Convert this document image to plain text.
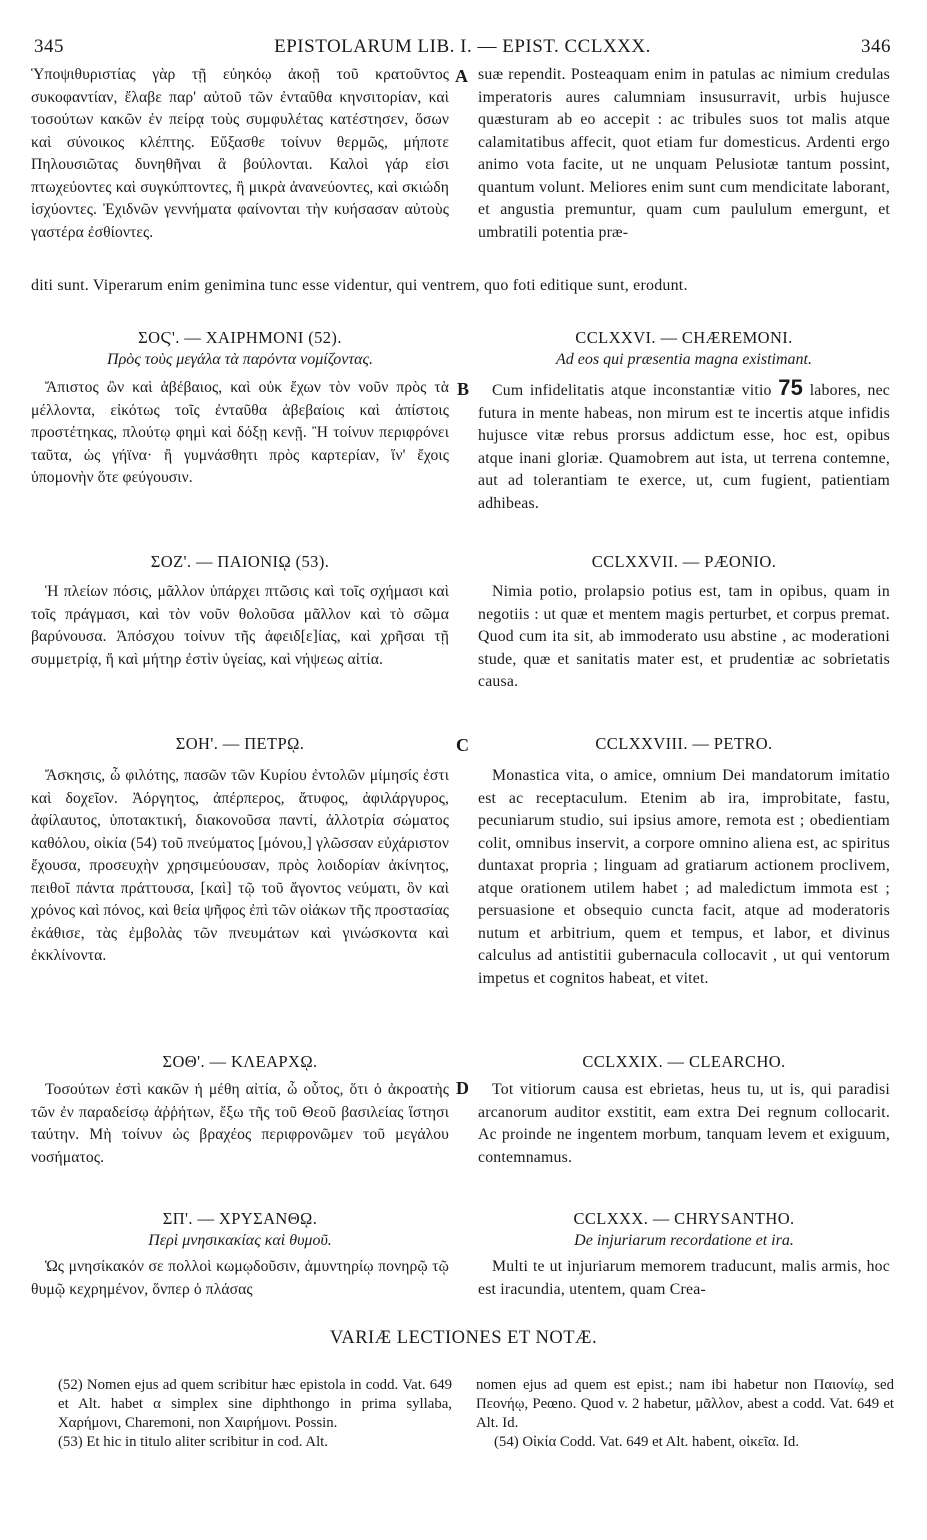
345	EPISTOLARUM LIB. I. — EPIST. CCLXXX.	346
A
B
C
D

Ὑποψιθυριστίας γὰρ τῇ εὐηκόῳ ἀκοῇ τοῦ κρατοῦντος συκοφαντίαν, ἔλαβε παρ' αὐτοῦ τῶν ἐνταῦθα κηνσιτορίαν, καὶ τοσούτων κακῶν ἐν πείρᾳ τοὺς συμφυλέτας κατέστησεν, ὅσων καὶ σύνοικος κλέπτης. Εὔξασθε τοίνυν θερμῶς, μήποτε Πηλουσιῶτας δυνηθῆναι ἃ βούλονται. Καλοὶ γάρ εἰσι πτωχεύοντες καὶ συγκύπτοντες, ἢ μικρὰ ἀνανεύοντες, καὶ σκιώδη ἰσχύοντες. Ἐχιδνῶν γεννήματα φαίνονται τὴν κυήσασαν αὐτοὺς γαστέρα ἐσθίοντες.

suæ rependit. Posteaquam enim in patulas ac nimium credulas imperatoris aures calumniam insusurravit, urbis hujusce quæsturam ab eo accepit : ac tribules suos tot malis atque calamitatibus affecit, quot etiam fur domesticus. Ardenti ergo animo vota facite, ut ne unquam Pelusiotæ tantum possint, quantum volunt. Meliores enim sunt cum mendicitate laborant, et angustia premuntur, quam cum paululum emergunt, et umbratili potentia præ-

diti sunt. Viperarum enim genimina tunc esse videntur, qui ventrem, quo foti editique sunt, erodunt.

ΣΟϚ'. — ΧΑΙΡΗΜΟΝΙ (52).

Πρὸς τοὺς μεγάλα τὰ παρόντα νομίζοντας.

Ἄπιστος ὢν καὶ ἀβέβαιος, καὶ οὐκ ἔχων τὸν νοῦν πρὸς τὰ μέλλοντα, εἰκότως τοῖς ἐνταῦθα ἀβεβαίοις καὶ ἀπίστοις προστέτηκας, πλούτῳ φημὶ καὶ δόξῃ κενῇ. Ἢ τοίνυν περιφρόνει ταῦτα, ὡς γήϊνα· ἢ γυμνάσθητι πρὸς καρτερίαν, ἵν' ἔχοις ὑπομονὴν ὅτε φεύγουσιν.

CCLXXVI. — CHÆREMONI.

Ad eos qui præsentia magna existimant.

Cum infidelitatis atque inconstantiæ vitio 75 labores, nec futura in mente habeas, non mirum est te incertis atque infidis hujusce vitæ rebus prorsus addictum esse, hoc est, opibus atque inani gloriæ. Quamobrem aut ista, ut terrena contemne, aut ad tolerantiam te exerce, ut, cum fugient, patientiam adhibeas.

ΣΟΖ'. — ΠΑΙΟΝΙῼ (53).

Ἡ πλείων πόσις, μᾶλλον ὑπάρχει πτῶσις καὶ τοῖς σχήμασι καὶ τοῖς πράγμασι, καὶ τὸν νοῦν θολοῦσα μᾶλλον καὶ τὸ σῶμα βαρύνουσα. Ἀπόσχου τοίνυν τῆς ἀφειδ[ε]ίας, καὶ χρῆσαι τῇ συμμετρίᾳ, ἥ καὶ μήτηρ ἐστὶν ὑγείας, καὶ νήψεως αἰτία.

CCLXXVII. — PÆONIO.

Nimia potio, prolapsio potius est, tam in opibus, quam in negotiis : ut quæ et mentem magis perturbet, et corpus premat. Quod cum ita sit, ab immoderato usu abstine , ac moderationi stude, quæ et sanitatis mater est, et prudentiæ ac sobrietatis causa.

ΣΟΗ'. — ΠΕΤΡῼ.

Ἄσκησις, ὦ φιλότης, πασῶν τῶν Κυρίου ἐντολῶν μίμησίς ἐστι καὶ δοχεῖον. Ἀόργητος, ἀπέρπερος, ἄτυφος, ἀφιλάργυρος, ἀφίλαυτος, ὑποτακτική, διακονοῦσα παντί, ἀλλοτρία σώματος καθόλου, οἰκία (54) τοῦ πνεύματος [μόνου,] γλῶσσαν εὐχάριστον ἔχουσα, προσευχὴν χρησιμεύουσαν, πρὸς λοιδορίαν ἀκίνητος, πειθοῖ πάντα πράττουσα, [καὶ] τῷ τοῦ ἄγοντος νεύματι, ὃν καὶ χρόνος καὶ πόνος, καὶ θεία ψῆφος ἐπὶ τῶν οἰάκων τῆς προστασίας ἐκάθισε, τὰς ἐμβολὰς τῶν πνευμάτων καὶ γινώσκοντα καὶ ἐκκλίνοντα.

CCLXXVIII. — PETRO.

Monastica vita, o amice, omnium Dei mandatorum imitatio est ac receptaculum. Etenim ab ira, improbitate, fastu, pecuniarum studio, sui ipsius amore, remota est ; obedientiam colit, omnibus inservit, a corpore omnino aliena est, ac spiritus duntaxat propria ; linguam ad gratiarum actionem proclivem, atque orationem utilem habet ; ad maledictum immota est ; persuasione et obsequio cuncta facit, atque ad moderatoris nutum et arbitrium, quem et tempus, et labor, et divinus calculus ad antistitii gubernacula collocavit , ut qui ventorum impetus et cognitos habeat, et vitet.

ΣΟΘ'. — ΚΛΕΑΡΧῼ.

Τοσούτων ἐστὶ κακῶν ἡ μέθη αἰτία, ὦ οὗτος, ὅτι ὁ ἀκροατὴς τῶν ἐν παραδείσῳ ἀῤῥήτων, ἔξω τῆς τοῦ Θεοῦ βασιλείας ἵστησι ταύτην. Μὴ τοίνυν ὡς βραχέος περιφρονῶμεν τοῦ μεγάλου νοσήματος.

CCLXXIX. — CLEARCHO.

Tot vitiorum causa est ebrietas, heus tu, ut is, qui paradisi arcanorum auditor exstitit, eam extra Dei regnum collocarit. Ac proinde ne ingentem morbum, tanquam levem et exiguum, contemnamus.

ΣΠ'. — ΧΡΥΣΑΝΘῼ.

Περὶ μνησικακίας καὶ θυμοῦ.

Ὡς μνησίκακόν σε πολλοὶ κωμῳδοῦσιν, ἀμυντηρίῳ πονηρῷ τῷ θυμῷ κεχρημένον, ὅνπερ ὁ πλάσας

CCLXXX. — CHRYSANTHO.

De injuriarum recordatione et ira.

Multi te ut injuriarum memorem traducunt, malis armis, hoc est iracundia, utentem, quam Crea-

VARIÆ LECTIONES ET NOTÆ.

(52) Nomen ejus ad quem scribitur hæc epistola in codd. Vat. 649 et Alt. habet α simplex sine diphthongo in prima syllaba, Χαρήμονι, Charemoni, non Χαιρήμονι. Possin.
(53) Et hic in titulo aliter scribitur in cod. Alt.

nomen ejus ad quem est epist.; nam ibi habetur non Παιονίῳ, sed Πεονήῳ, Peœno. Quod v. 2 habetur, μᾶλλον, abest a codd. Vat. 649 et Alt. Id.
(54) Οἰκία Codd. Vat. 649 et Alt. habent, οἰκεῖα. Id.
